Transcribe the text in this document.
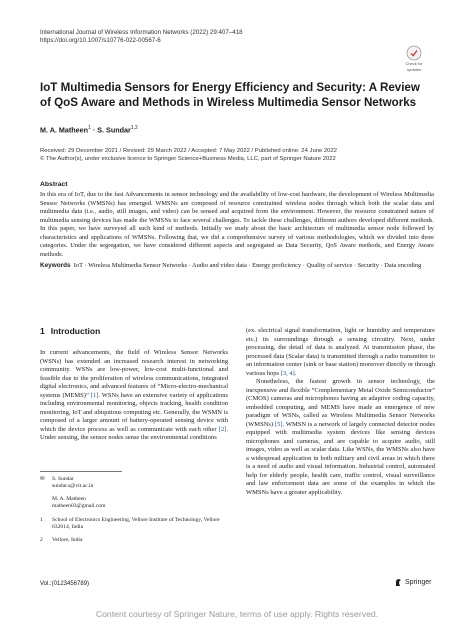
International Journal of Wireless Information Networks (2022) 29:407–418
https://doi.org/10.1007/s10776-022-00567-6
Check for
updates
IoT Multimedia Sensors for Energy Efficiency and Security: A Review of QoS Aware and Methods in Wireless Multimedia Sensor Networks
M. A. Matheen$^1$ · S. Sundar$^{1,2}$
Received: 29 December 2021 / Revised: 29 March 2022 / Accepted: 7 May 2022 / Published online: 24 June 2022
© The Author(s), under exclusive licence to Springer Science+Business Media, LLC, part of Springer Nature 2022
Abstract
In this era of IoT, due to the fast Advancements in sensor technology and the availability of low-cost hardware, the development of Wireless Multimedia Sensor Networks (WMSNs) has emerged. WMSNs are composed of resource constrained wireless nodes through which both the scalar data and multimedia data (i.e., audio, still images, and video) can be sensed and acquired from the environment. However, the resource constrained nature of multimedia sensing devices has made the WMSNs to face several challenges. To tackle these challenges, different authors developed different methods. In this paper, we have surveyed all such kind of methods. Initially we study about the basic architecture of multimedia sensor node followed by characteristics and applications of WMSNs. Following that, we did a comprehensive survey of various methodologies, which we divided into three categories. Under the segregation, we have considered different aspects and segregated as Data Security, QoS Aware methods, and Energy Aware methods.
Keywords IoT · Wireless Multimedia Sensor Networks · Audio and video data · Energy proficiency · Quality of service · Security · Data encoding
1 Introduction

In current advancements, the field of Wireless Sensor Networks (WSNs) has extended an increased research interest in networking community. WSNs are low-power, low-cost multi-functional and feasible due to the proliferation of wireless communications, integrated digital electronics, and advanced features of “Micro-electro-mechanical systems (MEMS)” [1]. WSNs have an extensive variety of applications including environmental monitoring, objects tracking, health condition monitoring, IoT and ubiquitous computing etc. Generally, the WSMN is composed of a larger amount of battery-operated sensing device with which the device process as well as communicate with each other [2]. Under sensing, the sensor nodes sense the environmental conditions

(ex. electrical signal transformation, light or humidity and temperature etc.) its surroundings through a sensing circuitry. Next, under processing, the detail of data is analyzed. At transmission phase, the processed data (Scalar data) is transmitted through a radio transmitter to an information center (sink or base station) moreover directly or through various hops [3, 4].

Nonetheless, the fastest growth in sensor technology, the inexpensive and flexible “Complementary Metal Oxide Semiconductor” (CMOS) cameras and microphones having an adaptive coding capacity, embedded computing, and MEMS have made an emergence of new paradigm of WSNs, called as Wireless Multimedia Sensor Networks (WMSNs) [5]. WMSN is a network of largely connected detector nodes equipped with multimedia system devices like sensing devices microphones and cameras, and are capable to acquire audio, still images, video as well as scalar data. Like WSNs, the WMSNs also have a widespread application in both military and civil areas in which there is a need of audio and visual information. Industrial control, automated help for elderly people, health care, traffic control, visual surveillance and law enforcement data are some of the examples in which the WMSNs have a greater applicability.

✉ S. Sundar
sundar.s@vit.ac.in
M. A. Matheen
matheen03@gmail.com
1 School of Electronics Engineering, Vellore Institute of Technology, Vellore 632014, India
2 Vellore, India
Vol.:(0123456789)	Springer
Content courtesy of Springer Nature, terms of use apply. Rights reserved.
